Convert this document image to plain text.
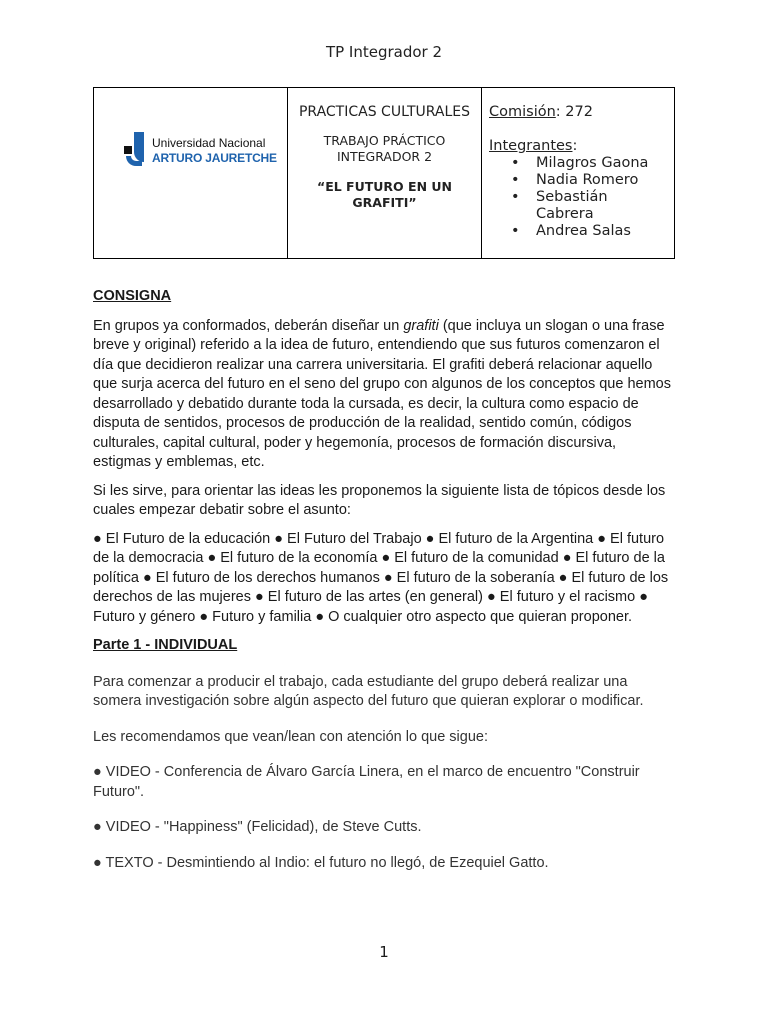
TP Integrador 2
Universidad Nacional
ARTURO JAURETCHE
PRACTICAS CULTURALES
TRABAJO PRÁCTICO INTEGRADOR 2
“EL FUTURO EN UN GRAFITI”
Comisión: 272
Integrantes:
• Milagros Gaona
• Nadia Romero
• Sebastián Cabrera
• Andrea Salas
CONSIGNA

En grupos ya conformados, deberán diseñar un grafiti (que incluya un slogan o una frase breve y original) referido a la idea de futuro, entendiendo que sus futuros comenzaron el día que decidieron realizar una carrera universitaria. El grafiti deberá relacionar aquello que surja acerca del futuro en el seno del grupo con algunos de los conceptos que hemos desarrollado y debatido durante toda la cursada, es decir, la cultura como espacio de disputa de sentidos, procesos de producción de la realidad, sentido común, códigos culturales, capital cultural, poder y hegemonía, procesos de formación discursiva, estigmas y emblemas, etc.

Si les sirve, para orientar las ideas les proponemos la siguiente lista de tópicos desde los cuales empezar debatir sobre el asunto:

● El Futuro de la educación ● El Futuro del Trabajo ● El futuro de la Argentina ● El futuro de la democracia ● El futuro de la economía ● El futuro de la comunidad ● El futuro de la política ● El futuro de los derechos humanos ● El futuro de la soberanía ● El futuro de los derechos de las mujeres ● El futuro de las artes (en general) ● El futuro y el racismo ● Futuro y género ● Futuro y familia ● O cualquier otro aspecto que quieran proponer.

Parte 1 - INDIVIDUAL

Para comenzar a producir el trabajo, cada estudiante del grupo deberá realizar una somera investigación sobre algún aspecto del futuro que quieran explorar o modificar.

Les recomendamos que vean/lean con atención lo que sigue:

● VIDEO - Conferencia de Álvaro García Linera, en el marco de encuentro "Construir Futuro".

● VIDEO - "Happiness" (Felicidad), de Steve Cutts.

● TEXTO - Desmintiendo al Indio: el futuro no llegó, de Ezequiel Gatto.

1
